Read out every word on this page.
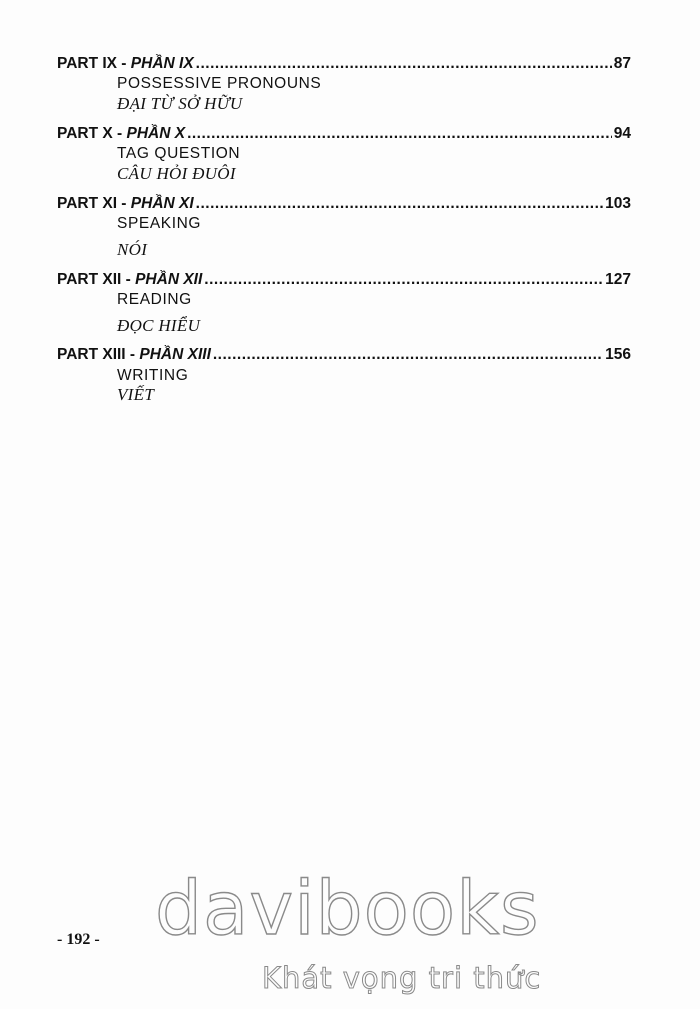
PART IX - PHẦN IX .....	87
POSSESSIVE PRONOUNS
ĐẠI TỪ SỞ HỮU
PART X - PHẦN X .....	94
TAG QUESTION
CÂU HỎI ĐUÔI
PART XI - PHẦN XI .....	103
SPEAKING
NÓI
PART XII - PHẦN XII .....	127
READING
ĐỌC HIỂU
PART XIII - PHẦN XIII .....	156
WRITING
VIẾT
- 192 - davibooks
Khát vọng tri thức
